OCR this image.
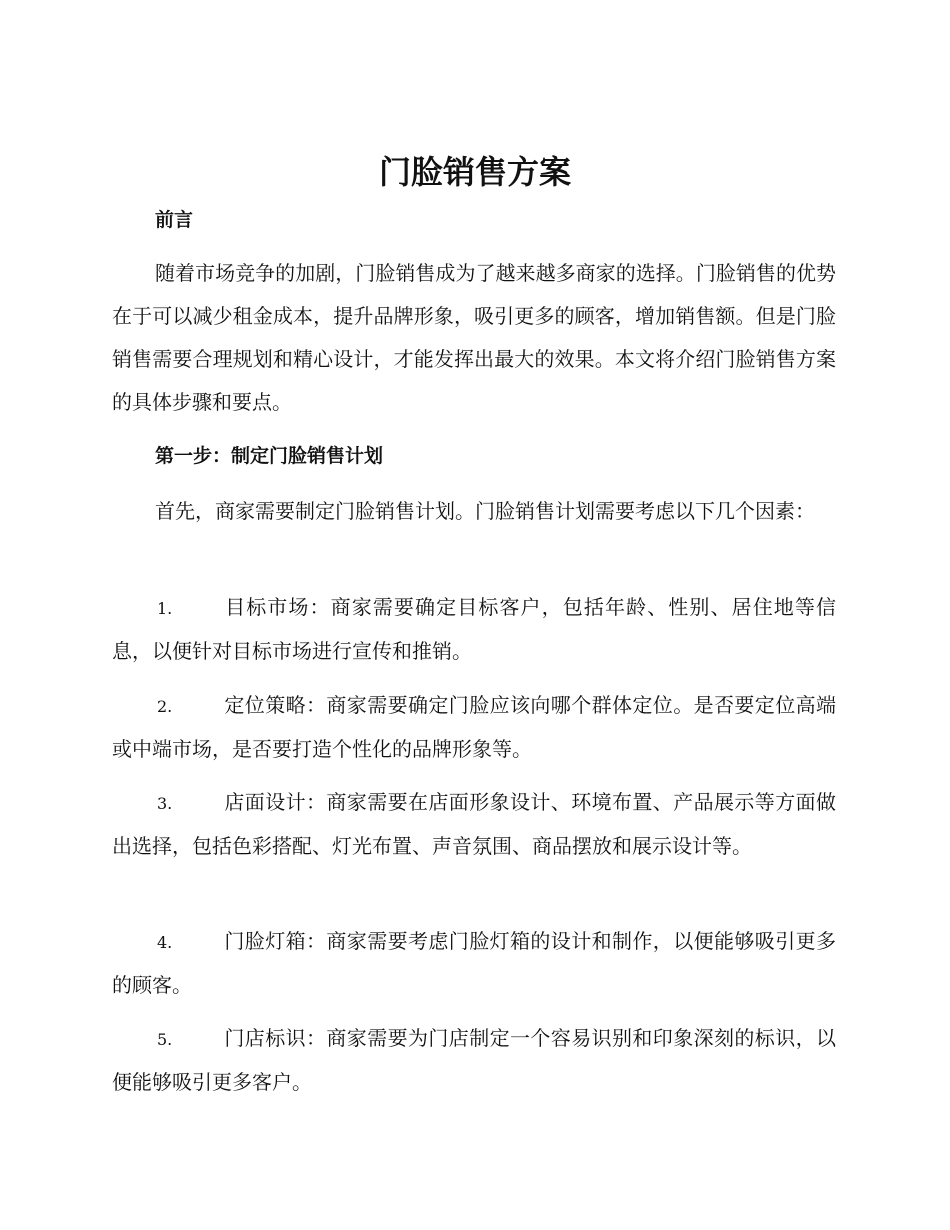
门脸销售方案
前言

随着市场竞争的加剧，门脸销售成为了越来越多商家的选择。门脸销售的优势在于可以减少租金成本，提升品牌形象，吸引更多的顾客，增加销售额。但是门脸销售需要合理规划和精心设计，才能发挥出最大的效果。本文将介绍门脸销售方案的具体步骤和要点。

第一步：制定门脸销售计划

首先，商家需要制定门脸销售计划。门脸销售计划需要考虑以下几个因素：

1.	目标市场：商家需要确定目标客户，包括年龄、性别、居住地等信息，以便针对目标市场进行宣传和推销。

2.	定位策略：商家需要确定门脸应该向哪个群体定位。是否要定位高端或中端市场，是否要打造个性化的品牌形象等。

3.	店面设计：商家需要在店面形象设计、环境布置、产品展示等方面做出选择，包括色彩搭配、灯光布置、声音氛围、商品摆放和展示设计等。

4.	门脸灯箱：商家需要考虑门脸灯箱的设计和制作，以便能够吸引更多的顾客。

5.	门店标识：商家需要为门店制定一个容易识别和印象深刻的标识，以便能够吸引更多客户。
